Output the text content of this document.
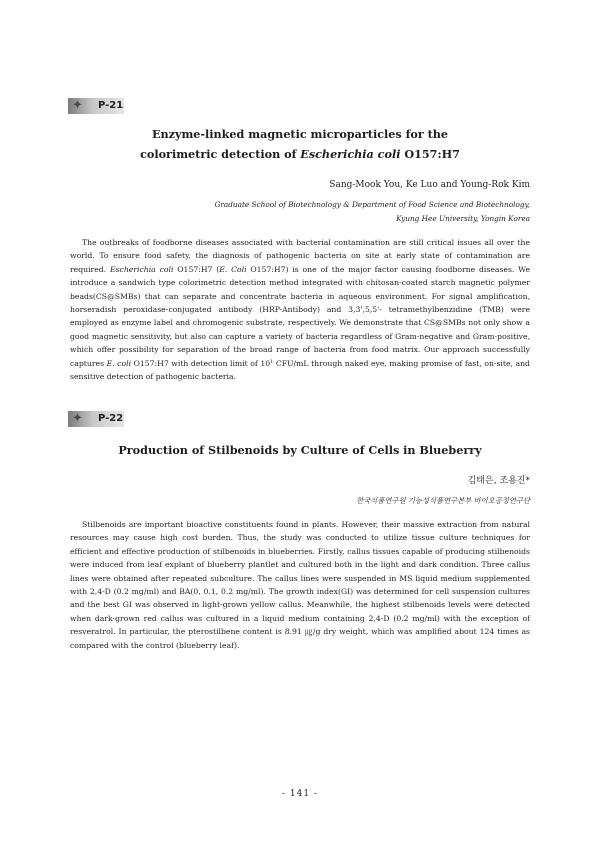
✦ P-21
Enzyme-linked magnetic microparticles for the
colorimetric detection of Escherichia coli O157:H7
Sang-Mook You, Ke Luo and Young-Rok Kim
Graduate School of Biotechnology & Department of Food Science and Biotechnology,
Kyung Hee University, Yongin Korea

The outbreaks of foodborne diseases associated with bacterial contamination are still critical issues all over the world. To ensure food safety, the diagnosis of pathogenic bacteria on site at early state of contamination are required. Escherichia coli O157:H7 (E. Coli O157:H7) is one of the major factor causing foodborne diseases. We introduce a sandwich type colorimetric detection method integrated with chitosan-coated starch magnetic polymer beads(CS@SMBs) that can separate and concentrate bacteria in aqueous environment. For signal amplification, horseradish peroxidase-conjugated antibody (HRP-Antibody) and 3,3',5,5'- tetramethylbenzidine (TMB) were employed as enzyme label and chromogenic substrate, respectively. We demonstrate that CS@SMBs not only show a good magnetic sensitivity, but also can capture a variety of bacteria regardless of Gram-negative and Gram-positive, which offer possibility for separation of the broad range of bacteria from food matrix. Our approach successfully captures E. coli O157:H7 with detection limit of $10^1$ CFU/mL through naked eye, making promise of fast, on-site, and sensitive detection of pathogenic bacteria.

✦ P-22
Production of Stilbenoids by Culture of Cells in Blueberry
김태은, 조용진*
한국식품연구원 기능성식품연구본부 바이오공정연구단

Stilbenoids are important bioactive constituents found in plants. However, their massive extraction from natural resources may cause high cost burden. Thus, the study was conducted to utilize tissue culture techniques for efficient and effective production of stilbenoids in blueberries. Firstly, callus tissues capable of producing stilbenoids were induced from leaf explant of blueberry plantlet and cultured both in the light and dark condition. Three callus lines were obtained after repeated subculture. The callus lines were suspended in MS liquid medium supplemented with 2,4-D (0.2 mg/ml) and BA(0, 0.1, 0.2 mg/ml). The growth index(GI) was determined for cell suspension cultures and the best GI was observed in light-grown yellow callus. Meanwhile, the highest stilbenoids levels were detected when dark-grown red callus was cultured in a liquid medium containing 2,4-D (0.2 mg/ml) with the exception of resveratrol. In particular, the pterostilbene content is 8.91 ㎍/g dry weight, which was amplified about 124 times as compared with the control (blueberry leaf).

- 141 -
